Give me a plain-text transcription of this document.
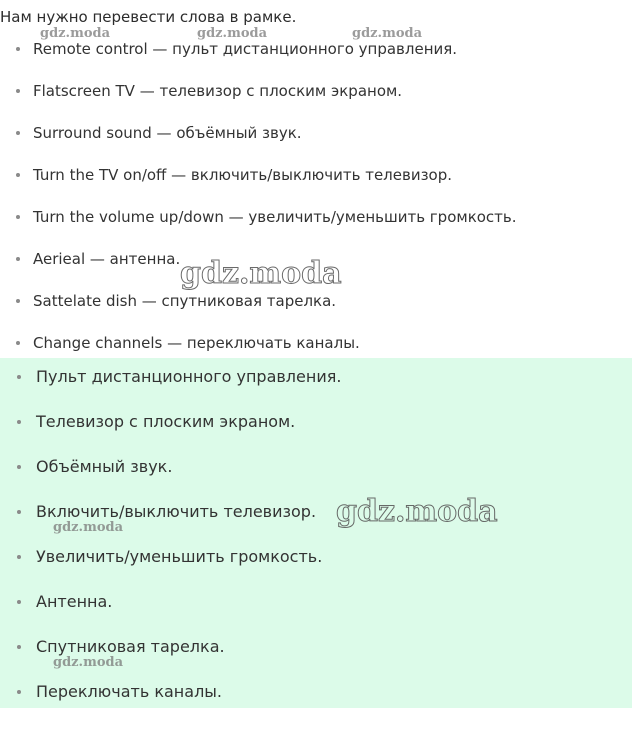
Нам нужно перевести слова в рамке.
Remote control — пульт дистанционного управления.
Flatscreen TV — телевизор с плоским экраном.
Surround sound — объёмный звук.
Turn the TV on/off — включить/выключить телевизор.
Turn the volume up/down — увеличить/уменьшить громкость.
Aerieal — антенна.
Sattelate dish — спутниковая тарелка.
Change channels — переключать каналы.
Пульт дистанционного управления.
Телевизор с плоским экраном.
Объёмный звук.
Включить/выключить телевизор.
Увеличить/уменьшить громкость.
Антенна.
Спутниковая тарелка.
Переключать каналы.
gdz.moda	gdz.moda	gdz.moda
gdz.moda
gdz.moda
gdz.moda
